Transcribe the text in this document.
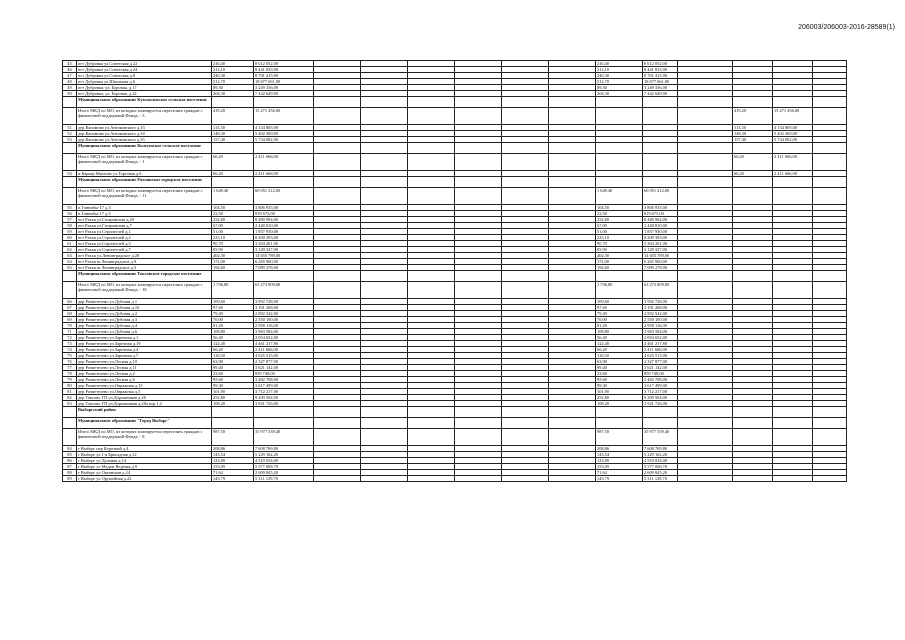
206003/206003-2016-28589(1)
45	пгт Дубровка ул.Советская д.22	216,40	8 612 052,00							216,40	8 612 052,00				
46	пгт Дубровка ул.Советская д.24	212,10	8 441 833,90							212,10	8 441 833,90				
47	пгт Дубровка ул.Советская д.8	240,30	8 701 415,90							240,30	8 701 415,90				
48	пгт Дубровка ул.Школьная д.6	512,70	18 677 661,00							512,70	18 677 661,00				
49	пгт Дубровка, ул. Боровая, д.17	89,30	3 249 336,00							89,30	3 249 336,00				
50	пгт Дубровка, ул. Боровая, д.22	204,30	7 442 649,00							204,30	7 442 649,00				
	Муниципальное образование Кузьмоловское сельское поселение														
	Итого МКД по МО, из которых планируется переселять граждан с финансовой поддержкой Фонда, - 3	419,20	15 271 456,00										419,20	15 271 456,00	
51	дер.Касимово ул.Антоковского д.33	113,30	4 134 805,00										113,30	4 134 805,00	
52	дер.Касимово ул.Антоковского д.34	148,30	5 402 369,00										148,30	5 402 369,00	
53	дер.Касимово ул.Антоковского д.35	157,40	5 734 082,00										157,40	5 734 082,00	
	Муниципальное образование Колтушское сельское поселение														
	Итого МКД по МО, из которых планируется переселять граждан с финансовой поддержкой Фонда, - 1	66,20	2 411 666,00										66,20	2 411 666,00	
54	п.Карьер Мяглово ул.Торговая д.6	66,20	2 411 666,00										66,20	2 411 666,00	
	Муниципальное образование Рахьинское городское поселение														
	Итого МКД по МО, из которых планируется переселять граждан с финансовой поддержкой Фонда, - 11	1 648,40	60 051 212,00							1 648,40	60 051 212,00				
55	п.Ганнибы-17 д.3	104,50	3 806 935,00							104,50	3 806 935,00				
56	п.Ганнибы-17 д.5	22,50	819 675,00							22,50	819 675,00				
57	пгт Рахья ул.Гагаринская д.20	232,80	8 480 904,00							232,80	8 480 904,00				
58	пгт Рахья ул.Гагаринская д.7	67,00	2 440 810,00							67,00	2 440 810,00				
59	пгт Рахья ул.Строителей д.1	51,00	1 857 930,00							51,00	1 857 930,00				
60	пгт Рахья ул.Строителей д.2	225,10	8 200 393,00							225,10	8 200 393,00				
61	пгт Рахья ул.Строителей д.5	90,70	3 304 201,00							90,70	3 304 201,00				
62	пгт Рахья ул.Строителей д.7	85,90	3 129 337,00							85,90	3 129 337,00				
63	пгт Рахья ул.Ленинградское д.28	402,30	14 655 789,00							402,30	14 655 789,00				
64	пгт Рахья ш.Ленинградское д.9	172,00	6 265 960,00							172,00	6 265 960,00				
65	пгт Рахья ш.Ленинградское д.3	194,60	7 089 278,00							194,60	7 089 278,00				
	Муниципальное образование Токсовское городское поселение														
	Итого МКД по МО, из которых планируется переселять граждан с финансовой поддержкой Фонда, - 18	1 736,80	63 273 809,80							1 736,80	63 273 809,80				
66	дер Разметелево ул.Дубовая д.1	109,60	3 992 728,00							109,60	3 992 728,00				
67	дер Разметелево ул.Дубовая д.10	87,60	3 191 268,00							87,60	3 191 268,00				
68	дер Разметелево ул.Дубовая д.2	79,40	2 892 542,00							79,40	2 892 542,00				
69	дер Разметелево ул.Дубовая д.3	70,00	2 550 100,00							70,00	2 550 100,00				
70	дер Разметелево ул.Дубовая д.4	81,20	2 958 116,00							81,20	2 958 116,00				
71	дер Разметелево ул.Дубовая д.6	108,80	3 963 584,00							108,80	3 963 584,00				
72	дер Разметелево ул.Заречная д.1	56,40	2 054 652,00							56,40	2 054 652,00				
73	дер Разметелево ул.Заречная д.19	122,40	4 461 217,80							122,40	4 461 217,80				
74	дер Разметелево ул.Заречная д.4	66,20	2 411 666,00							66,20	2 411 666,00				
75	дер Разметелево ул.Заречная д.7	110,50	4 025 515,00							110,50	4 025 515,00				
76	дер Разметелево ул.Лесная д.10	63,90	2 327 877,00							63,90	2 327 877,00				
77	дер Разметелево ул.Лесная д.11	99,40	3 621 142,00							99,40	3 621 142,00				
78	дер Разметелево ул.Лесная д.2	23,60	859 748,00							23,60	859 748,00				
79	дер Разметелево ул.Лесная д.6	95,60	3 482 708,00							95,60	3 482 708,00				
80	дер Разметелево ул.Овражная д.15	99,30	3 617 499,00							99,30	3 617 499,00				
81	дер Разметелево ул.Овражная д.5	101,90	3 712 217,00							101,90	3 712 217,00				
82	дер Токсово ГП ул.Дорожников д.28	252,80	9 209 504,00							252,80	9 209 504,00				
83	дер Токсово ГП ул.Дорожников д.28а кор.1.2	108,20	3 941 726,00							108,20	3 941 726,00				
	Выборгский район														
	Муниципальное образование "Город Выборг"														
	Итого МКД по МО, из которых планируется переселять граждан с финансовой поддержкой Фонда, - 8	987,58	35 977 539,40							987,58	35 977 539,40				
84	г Выборг пер Короткий д.4	208,86	7 608 769,80							208,86	7 608 769,80				
85	г Выборг ул 1-я Бригадная д.12	143,54	5 229 162,20							143,54	5 229 162,20				
86	г Выборг ул Дальняя д.14	123,80	4 510 034,00							123,80	4 510 034,00				
87	г Выборг ул Мадам Ведевая д.9	153,09	5 577 068,70							153,09	5 577 068,70				
88	г Выборг ул Океанская д.24	71,64	2 609 845,20							71,64	2 609 845,20				
89	г Выборг ул Оружейная д.22	145,79	5 311 129,70							145,79	5 311 129,70				
